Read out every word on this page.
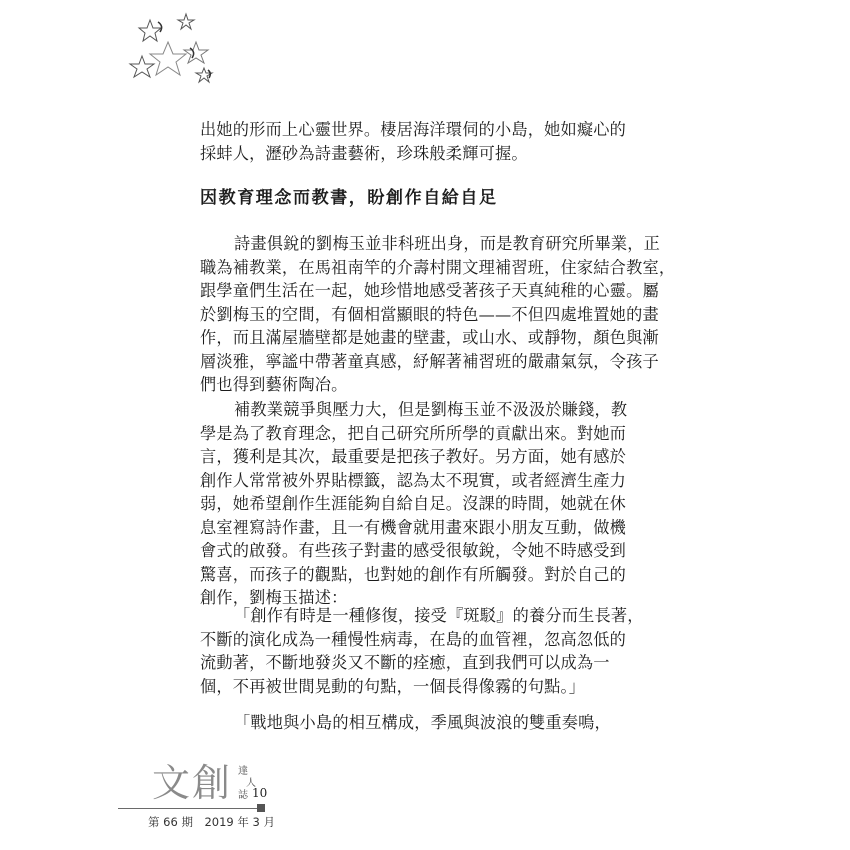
出她的形而上心靈世界。棲居海洋環伺的小島，她如癡心的
採蚌人，瀝砂為詩畫藝術，珍珠般柔輝可握。
因教育理念而教書，盼創作自給自足
詩畫俱銳的劉梅玉並非科班出身，而是教育研究所畢業，正
職為補教業，在馬祖南竿的介壽村開文理補習班，住家結合教室，
跟學童們生活在一起，她珍惜地感受著孩子天真純稚的心靈。屬
於劉梅玉的空間，有個相當顯眼的特色——不但四處堆置她的畫
作，而且滿屋牆壁都是她畫的壁畫，或山水、或靜物，顏色與漸
層淡雅，寧謐中帶著童真感，紓解著補習班的嚴肅氣氛，令孩子
們也得到藝術陶冶。
補教業競爭與壓力大，但是劉梅玉並不汲汲於賺錢，教
學是為了教育理念，把自己研究所所學的貢獻出來。對她而
言，獲利是其次，最重要是把孩子教好。另方面，她有感於
創作人常常被外界貼標籤，認為太不現實，或者經濟生產力
弱，她希望創作生涯能夠自給自足。沒課的時間，她就在休
息室裡寫詩作畫，且一有機會就用畫來跟小朋友互動，做機
會式的啟發。有些孩子對畫的感受很敏銳，令她不時感受到
驚喜，而孩子的觀點，也對她的創作有所觸發。對於自己的
創作，劉梅玉描述：
「創作有時是一種修復，接受『斑駁』的養分而生長著，
不斷的演化成為一種慢性病毒，在島的血管裡，忽高忽低的
流動著，不斷地發炎又不斷的痊癒，直到我們可以成為一
個，不再被世間晃動的句點，一個長得像霧的句點。」
「戰地與小島的相互構成，季風與波浪的雙重奏鳴，
文創 達
人
誌 10
第 66 期　2019 年 3 月
